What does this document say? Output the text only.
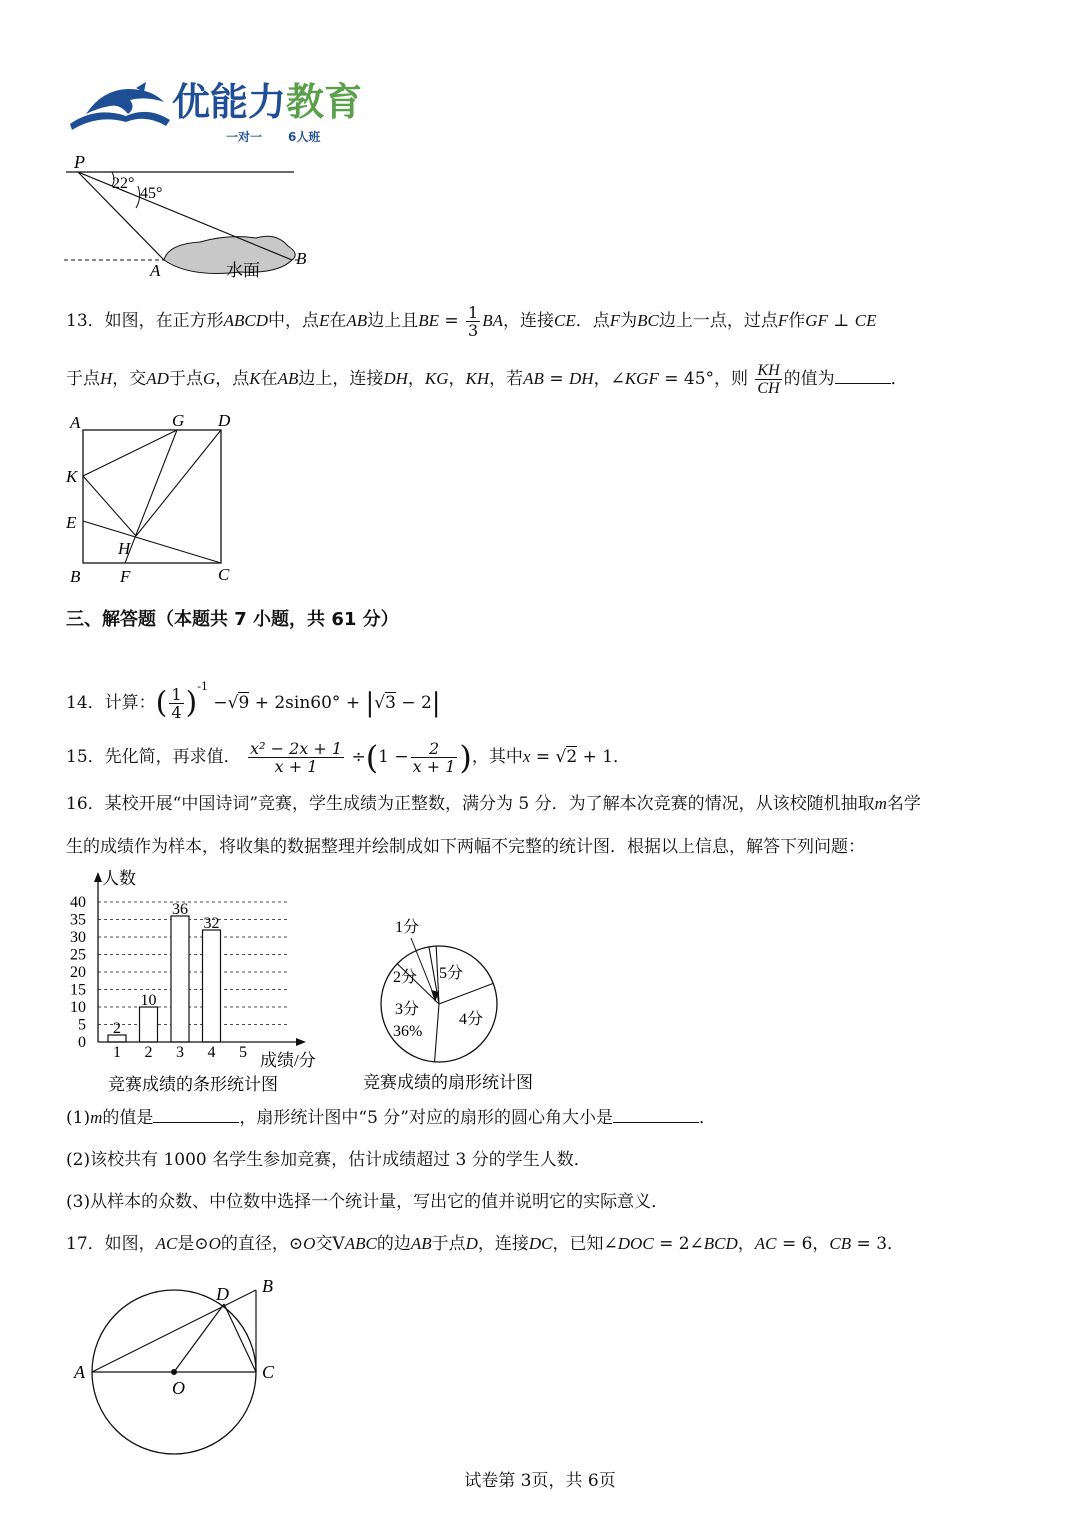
优能力教育
一对一 6人班
P
22°
45°
A
B
水面
13．如图，在正方形ABCD中，点E在AB边上且BE = $\frac{1}{3}$ BA，连接CE．点F为BC边上一点，过点F作GF ⊥ CE
于点H，交AD于点G，点K在AB边上，连接DH，KG，KH，若AB = DH，∠KGF = 45°，则 $\frac{KH}{CH}$ 的值为	．
A	G D
K
E
H
B F	C
三、解答题（本题共 7 小题，共 61 分）
14．计算：( $\frac{1}{4} )^{-1} -√9 + 2\sin 60^\circ + |√3 - 2|$
15．先化简，再求值． $\frac{\text{x² − 2x + 1}}{x + 1} \div(1 - \frac{2}{x + 1}$ )，其中x = √2 + 1．
16．某校开展“中国诗词”竞赛，学生成绩为正整数，满分为 5 分．为了解本次竞赛的情况，从该校随机抽取m名学
生的成绩作为样本，将收集的数据整理并绘制成如下两幅不完整的统计图．根据以上信息，解答下列问题：
0
5
10
15
20
25
30
35
40
1
2
2
10
3
36
4
32
5
人数
成绩/分
竞赛成绩的条形统计图
1分
2分 5分
4分
3分
36%
竞赛成绩的扇形统计图
(1)m的值是	，扇形统计图中“5 分”对应的扇形的圆心角大小是	．
(2)该校共有 1000 名学生参加竞赛，估计成绩超过 3 分的学生人数．
(3)从样本的众数、中位数中选择一个统计量，写出它的值并说明它的实际意义．
17．如图，AC是⊙O的直径，⊙O交VABC的边AB于点D，连接DC，已知∠DOC = 2∠BCD，AC = 6，CB = 3．
A
B
C
D
O
试卷第 3页，共 6页
